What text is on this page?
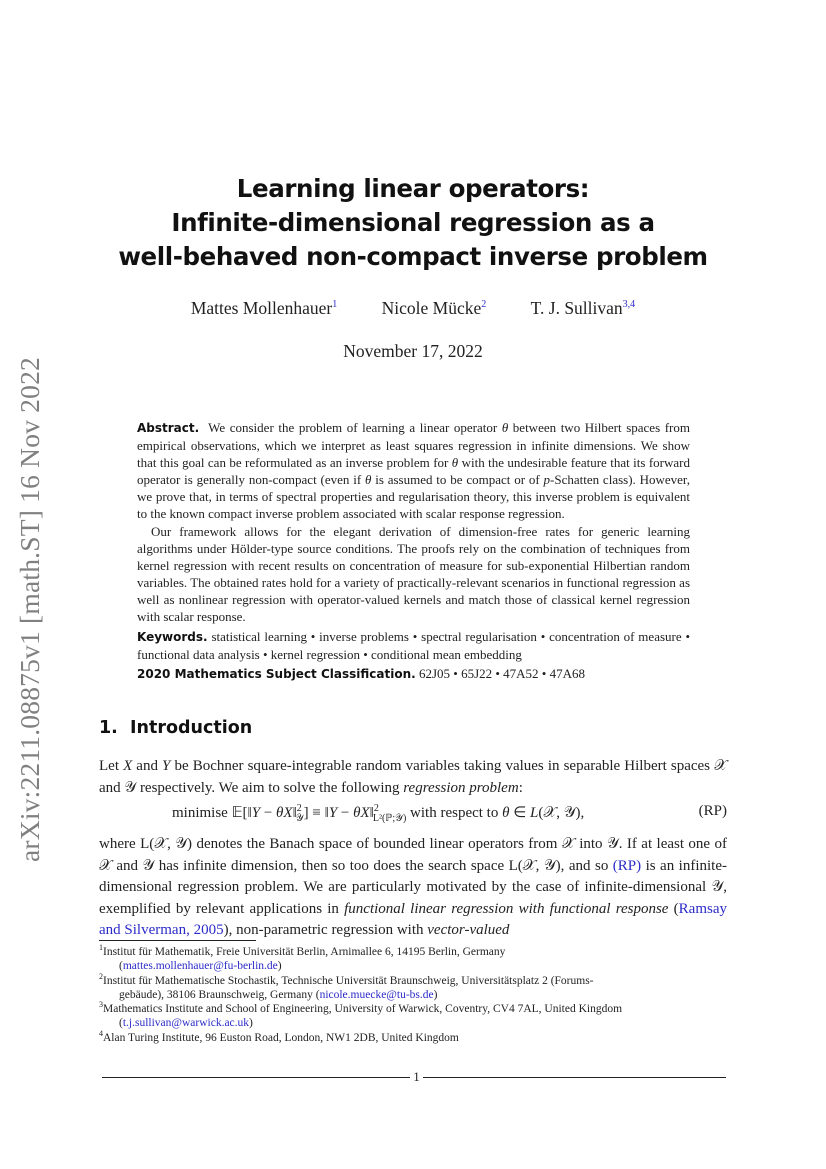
arXiv:2211.08875v1 [math.ST] 16 Nov 2022
Learning linear operators:
Infinite-dimensional regression as a
well-behaved non-compact inverse problem
Mattes Mollenhauer$^1$	Nicole Mücke$^2$	T. J. Sullivan$^{3,4}$
November 17, 2022

Abstract. We consider the problem of learning a linear operator θ between two Hilbert spaces from empirical observations, which we interpret as least squares regression in infinite dimensions. We show that this goal can be reformulated as an inverse problem for θ with the undesirable feature that its forward operator is generally non-compact (even if θ is assumed to be compact or of p-Schatten class). However, we prove that, in terms of spectral properties and regularisation theory, this inverse problem is equivalent to the known compact inverse problem associated with scalar response regression.

Our framework allows for the elegant derivation of dimension-free rates for generic learning algorithms under Hölder-type source conditions. The proofs rely on the combination of techniques from kernel regression with recent results on concentration of measure for sub-exponential Hilbertian random variables. The obtained rates hold for a variety of practically-relevant scenarios in functional regression as well as nonlinear regression with operator-valued kernels and match those of classical kernel regression with scalar response.

Keywords. statistical learning • inverse problems • spectral regularisation • concentration of measure • functional data analysis • kernel regression • conditional mean embedding

2020 Mathematics Subject Classification. 62J05 • 65J22 • 47A52 • 47A68

1. Introduction

Let X and Y be Bochner square-integrable random variables taking values in separable Hilbert spaces 𝒳 and 𝒴 respectively. We aim to solve the following regression problem:

minimise 𝔼[‖Y − θX‖$^2_𝒴$] ≡ ‖Y − θX‖$^2_{L^2(ℙ;𝒴)}$ with respect to θ ∈ L(𝒳, 𝒴),	(RP)

where L(𝒳, 𝒴) denotes the Banach space of bounded linear operators from 𝒳 into 𝒴. If at least one of 𝒳 and 𝒴 has infinite dimension, then so too does the search space L(𝒳, 𝒴), and so (RP) is an infinite-dimensional regression problem. We are particularly motivated by the case of infinite-dimensional 𝒴, exemplified by relevant applications in functional linear regression with functional response (Ramsay and Silverman, 2005), non-parametric regression with vector-valued

$^1$Institut für Mathematik, Freie Universität Berlin, Arnimallee 6, 14195 Berlin, Germany
(mattes.mollenhauer@fu-berlin.de)

$^2$Institut für Mathematische Stochastik, Technische Universität Braunschweig, Universitätsplatz 2 (Forums-
gebäude), 38106 Braunschweig, Germany (nicole.muecke@tu-bs.de)

$^3$Mathematics Institute and School of Engineering, University of Warwick, Coventry, CV4 7AL, United Kingdom
(t.j.sullivan@warwick.ac.uk)

$^4$Alan Turing Institute, 96 Euston Road, London, NW1 2DB, United Kingdom

1
